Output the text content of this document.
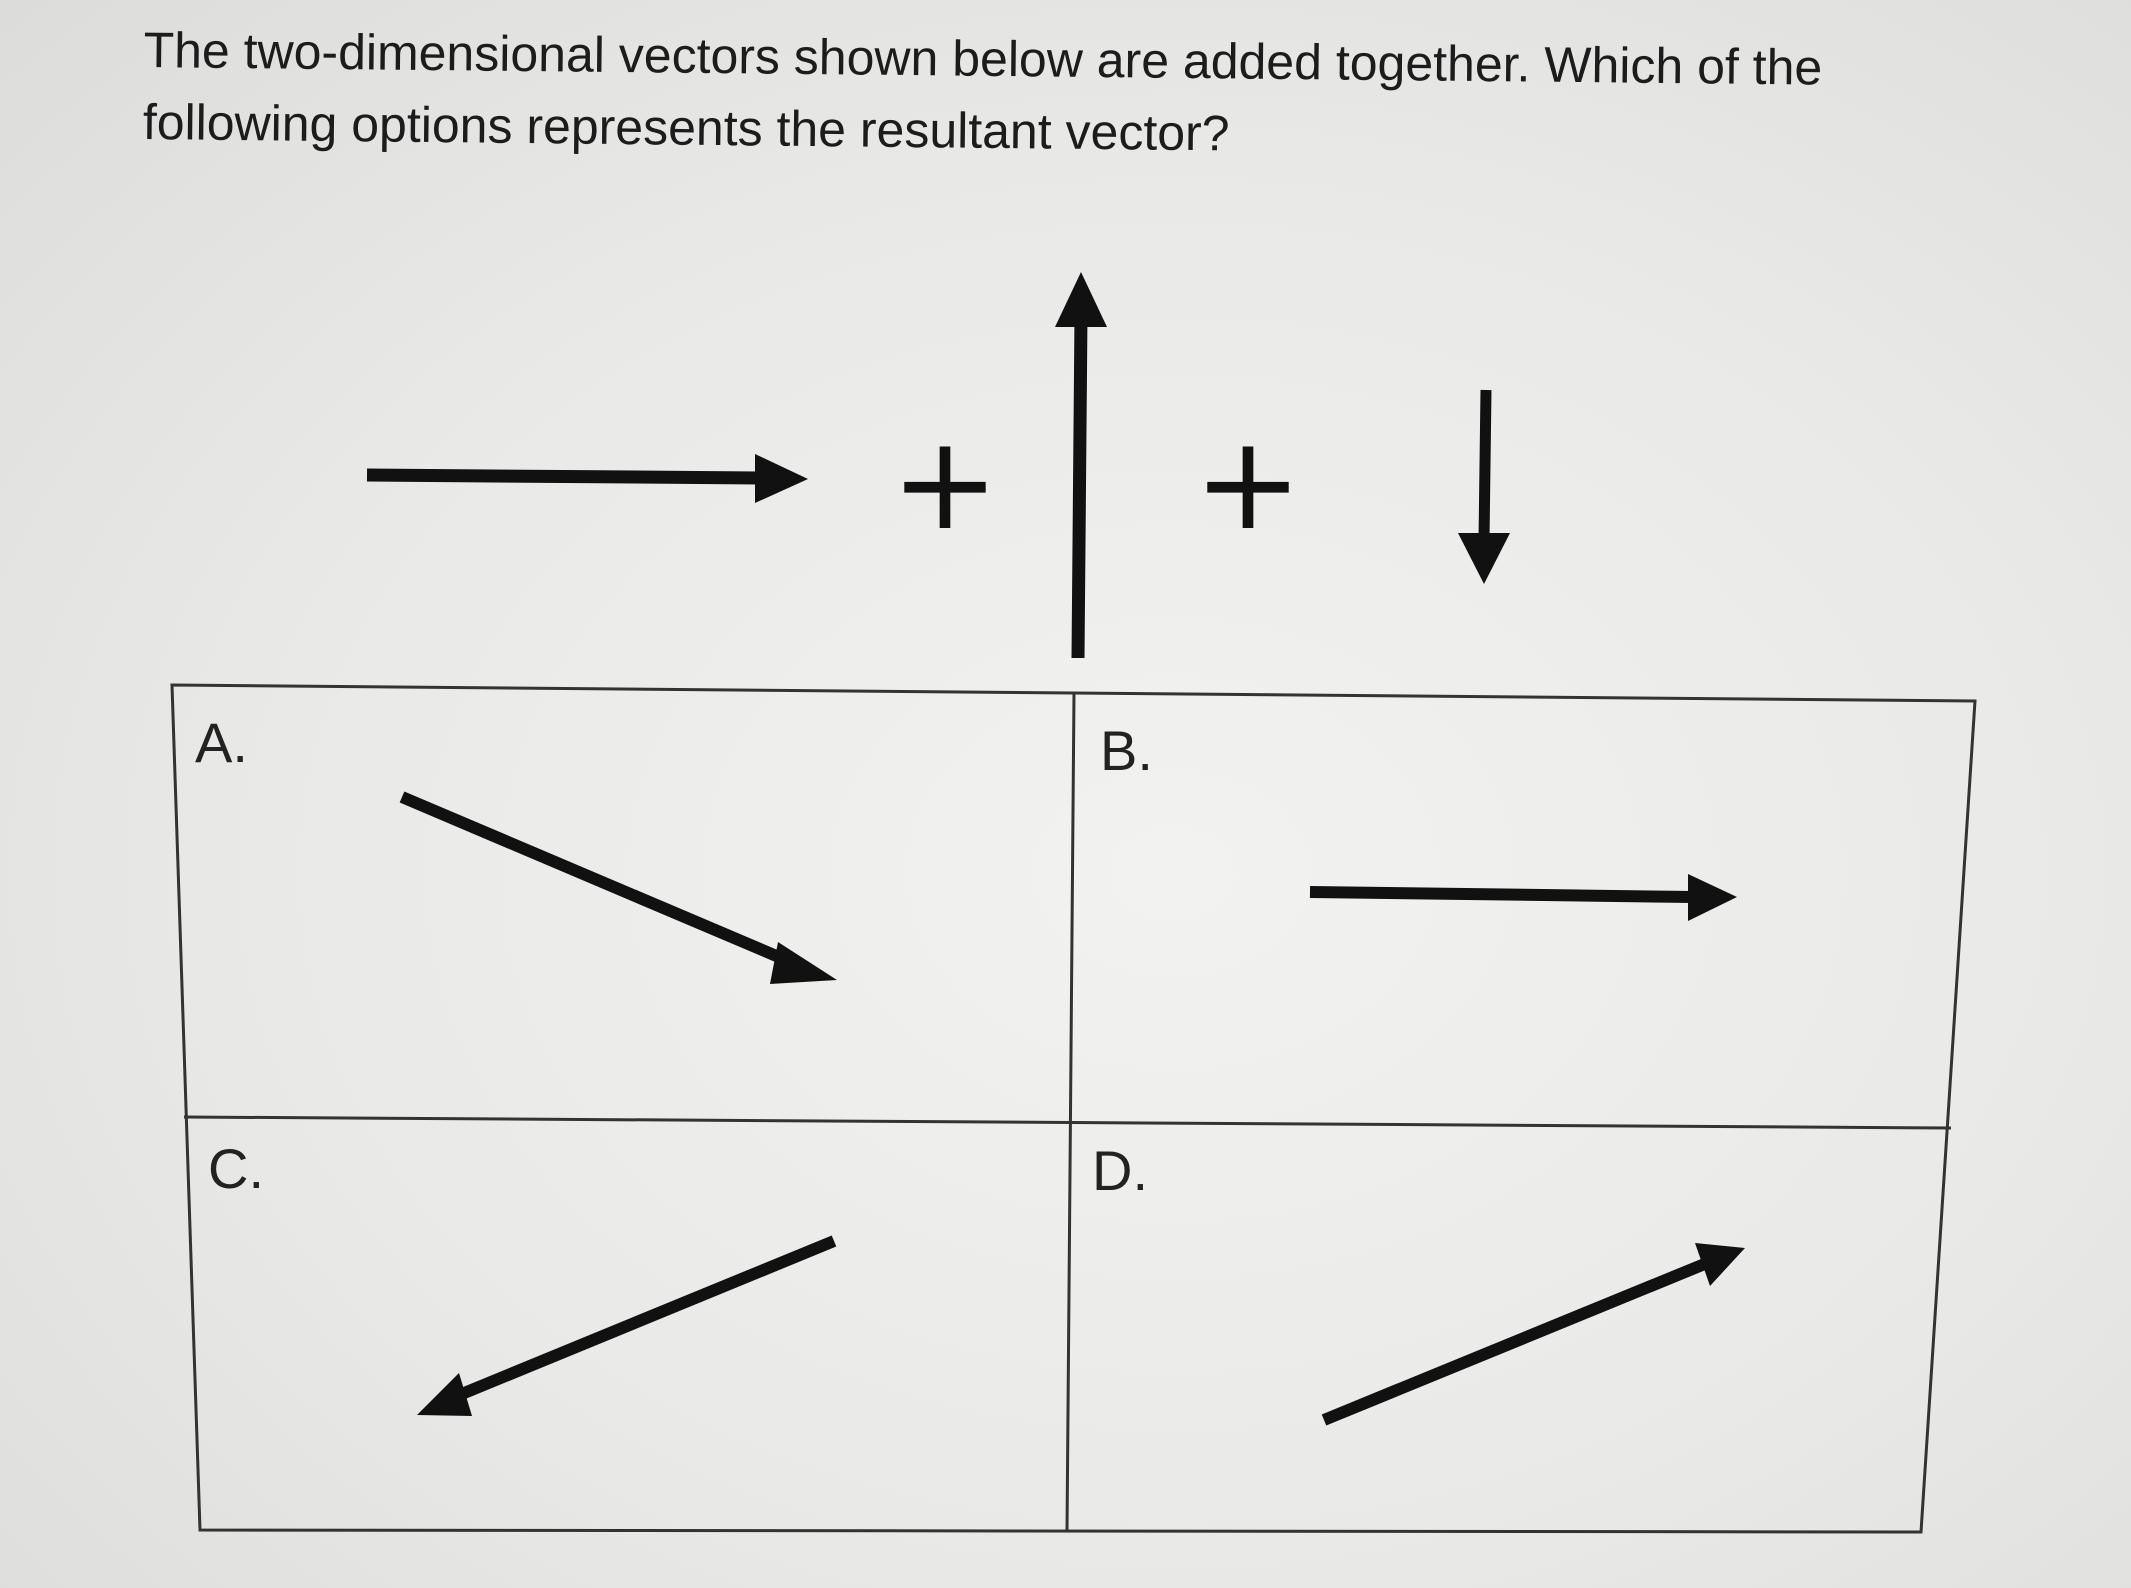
The two-dimensional vectors shown below are added together. Which of the following options represents the resultant vector?
+ +
A.	B.
C.	D.
